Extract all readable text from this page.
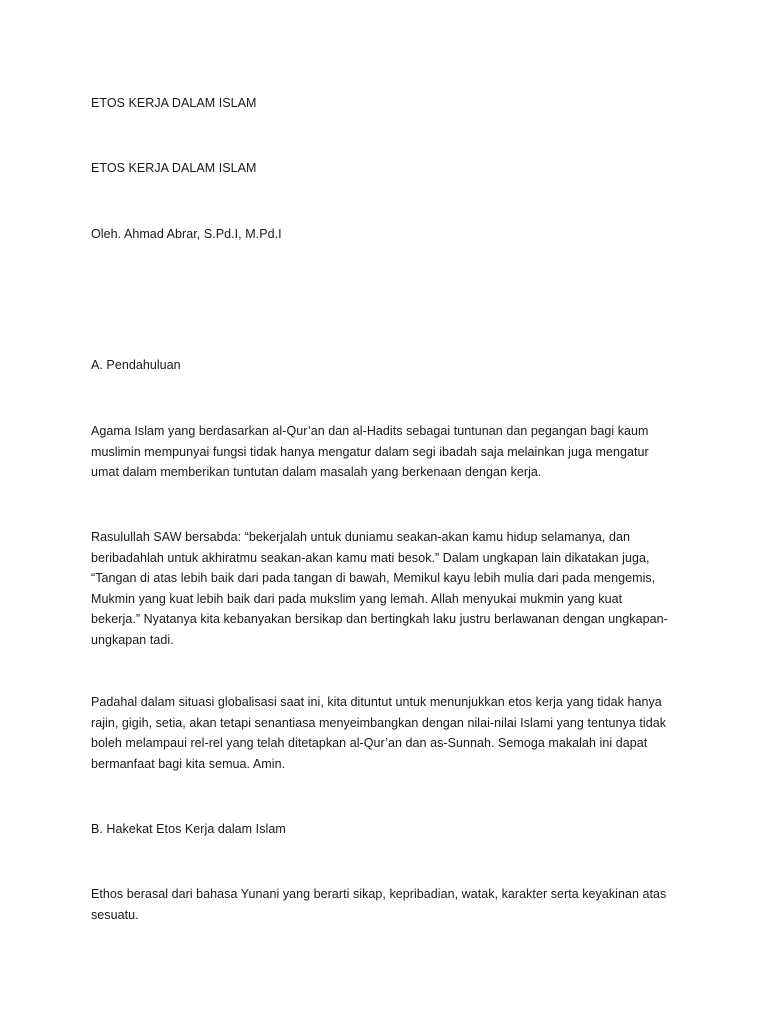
ETOS KERJA DALAM ISLAM
ETOS KERJA DALAM ISLAM
Oleh. Ahmad Abrar, S.Pd.I, M.Pd.I
A. Pendahuluan
Agama Islam yang berdasarkan al-Qur’an dan al-Hadits sebagai tuntunan dan pegangan bagi kaum
muslimin mempunyai fungsi tidak hanya mengatur dalam segi ibadah saja melainkan juga mengatur
umat dalam memberikan tuntutan dalam masalah yang berkenaan dengan kerja.
Rasulullah SAW bersabda: “bekerjalah untuk duniamu seakan-akan kamu hidup selamanya, dan
beribadahlah untuk akhiratmu seakan-akan kamu mati besok.” Dalam ungkapan lain dikatakan juga,
“Tangan di atas lebih baik dari pada tangan di bawah, Memikul kayu lebih mulia dari pada mengemis,
Mukmin yang kuat lebih baik dari pada mukslim yang lemah. Allah menyukai mukmin yang kuat
bekerja.” Nyatanya kita kebanyakan bersikap dan bertingkah laku justru berlawanan dengan ungkapan-
ungkapan tadi.
Padahal dalam situasi globalisasi saat ini, kita dituntut untuk menunjukkan etos kerja yang tidak hanya
rajin, gigih, setia, akan tetapi senantiasa menyeimbangkan dengan nilai-nilai Islami yang tentunya tidak
boleh melampaui rel-rel yang telah ditetapkan al-Qur’an dan as-Sunnah. Semoga makalah ini dapat
bermanfaat bagi kita semua. Amin.
B. Hakekat Etos Kerja dalam Islam
Ethos berasal dari bahasa Yunani yang berarti sikap, kepribadian, watak, karakter serta keyakinan atas
sesuatu.
